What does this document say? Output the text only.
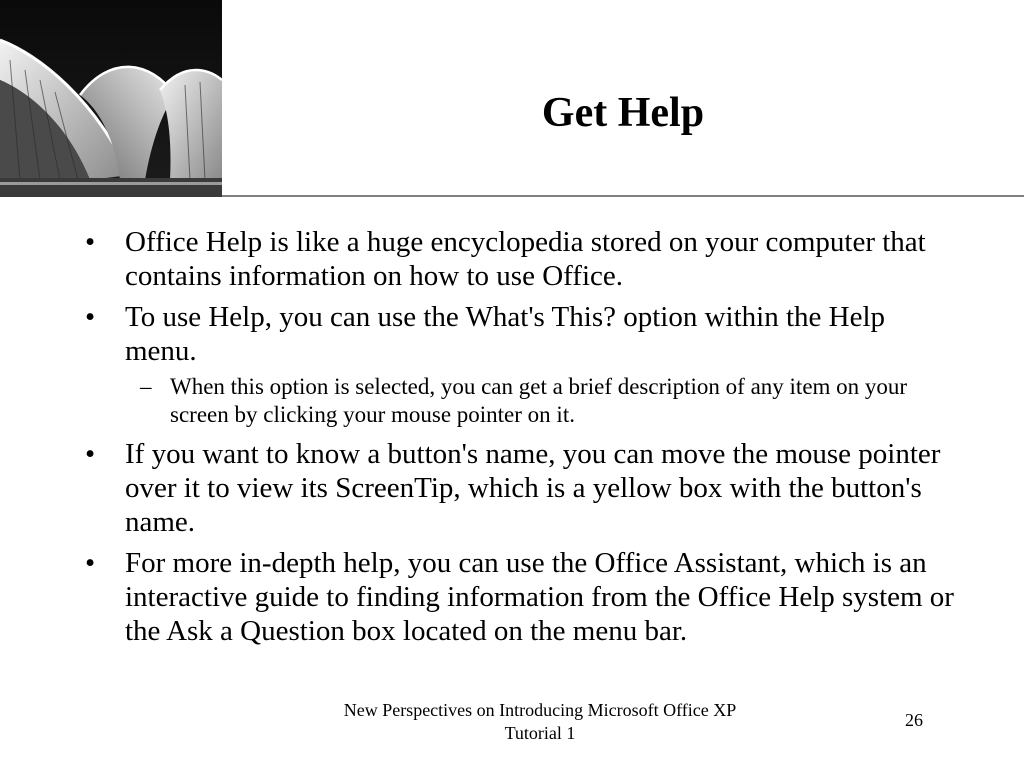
Get Help
•	Office Help is like a huge encyclopedia stored on your computer that contains information on how to use Office.
•	To use Help, you can use the What's This? option within the Help menu.
– When this option is selected, you can get a brief description of any item on your screen by clicking your mouse pointer on it.
•	If you want to know a button's name, you can move the mouse pointer over it to view its ScreenTip, which is a yellow box with the button's name.
•	For more in-depth help, you can use the Office Assistant, which is an interactive guide to finding information from the Office Help system or the Ask a Question box located on the menu bar.
New Perspectives on Introducing Microsoft Office XP
Tutorial 1
26
